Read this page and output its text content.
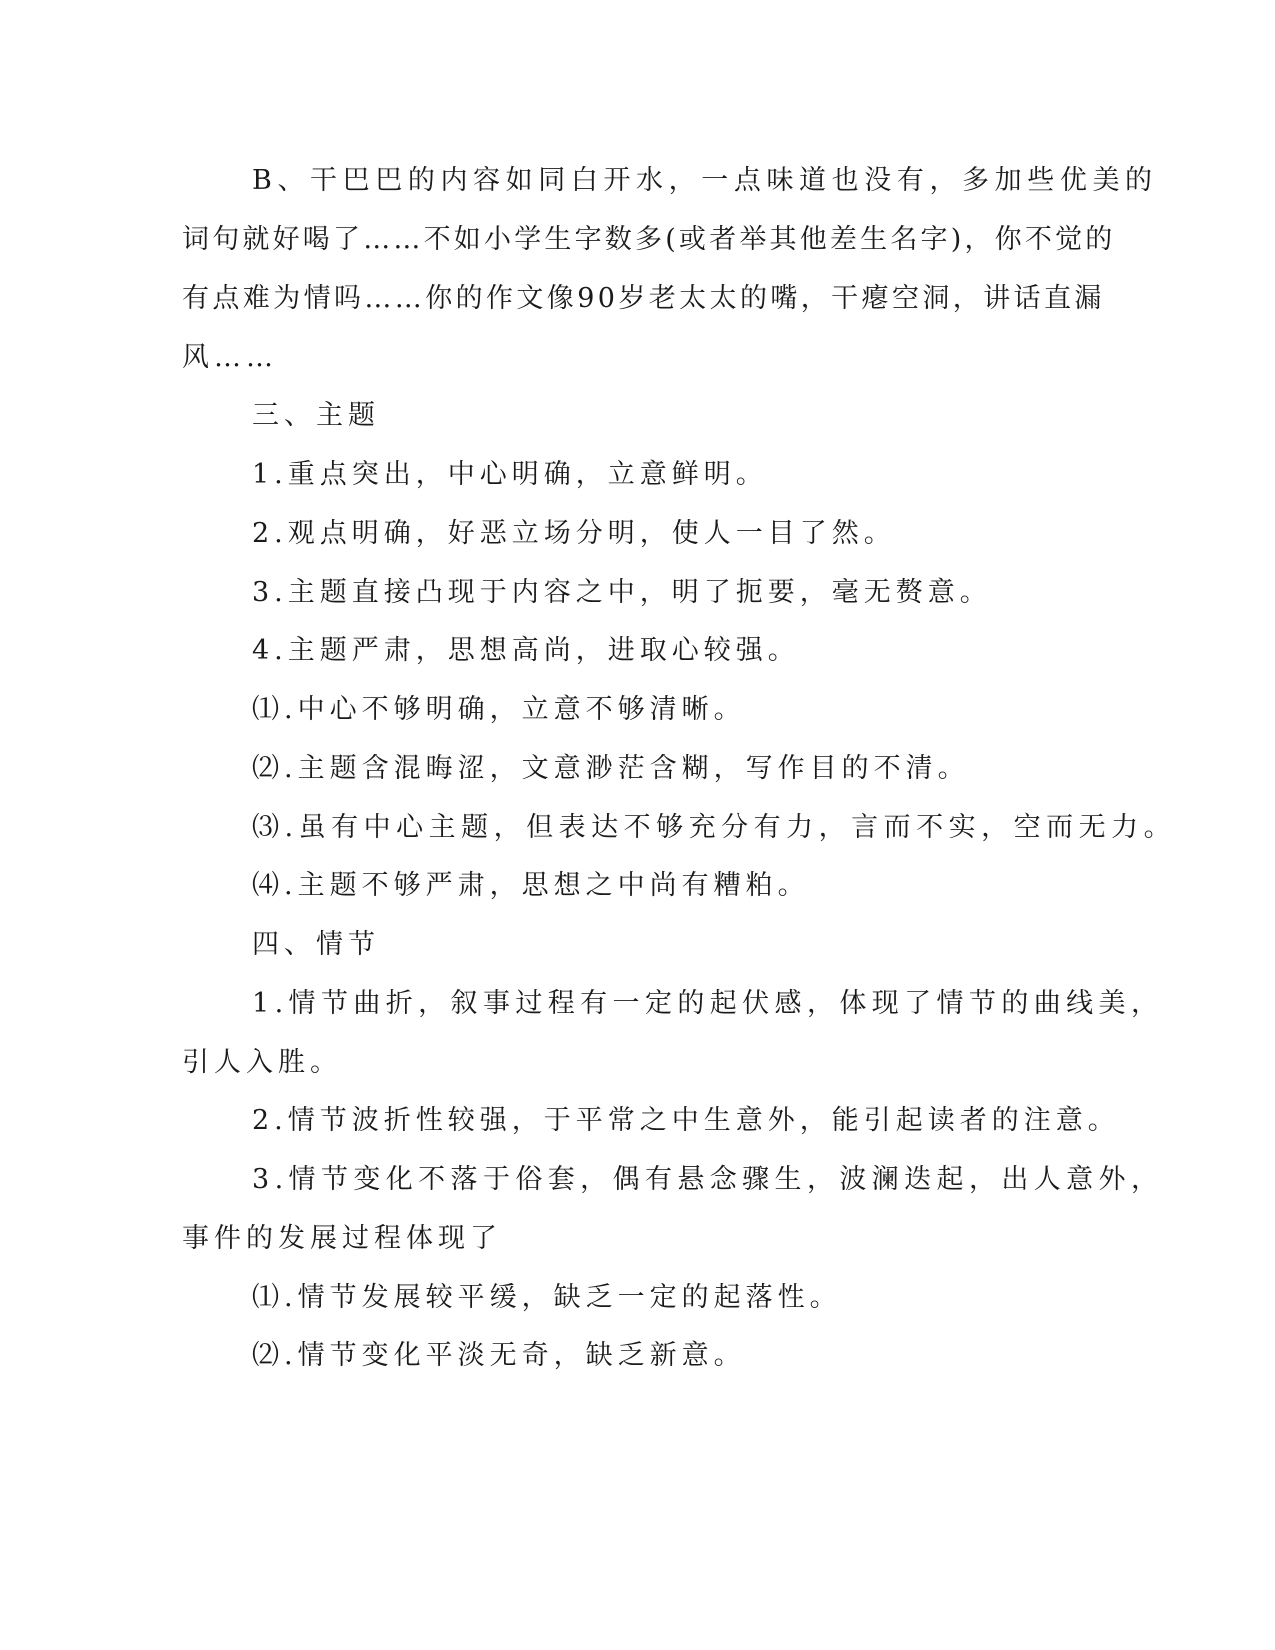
B、干巴巴的内容如同白开水，一点味道也没有，多加些优美的

词句就好喝了……不如小学生字数多(或者举其他差生名字)，你不觉的

有点难为情吗……你的作文像90岁老太太的嘴，干瘪空洞，讲话直漏

风……

三、主题

1.重点突出，中心明确，立意鲜明。

2.观点明确，好恶立场分明，使人一目了然。

3.主题直接凸现于内容之中，明了扼要，毫无赘意。

4.主题严肃，思想高尚，进取心较强。

⑴.中心不够明确，立意不够清晰。

⑵.主题含混晦涩，文意渺茫含糊，写作目的不清。

⑶.虽有中心主题，但表达不够充分有力，言而不实，空而无力。

⑷.主题不够严肃，思想之中尚有糟粕。

四、情节

1.情节曲折，叙事过程有一定的起伏感，体现了情节的曲线美，

引人入胜。

2.情节波折性较强，于平常之中生意外，能引起读者的注意。

3.情节变化不落于俗套，偶有悬念骤生，波澜迭起，出人意外，

事件的发展过程体现了

⑴.情节发展较平缓，缺乏一定的起落性。

⑵.情节变化平淡无奇，缺乏新意。
